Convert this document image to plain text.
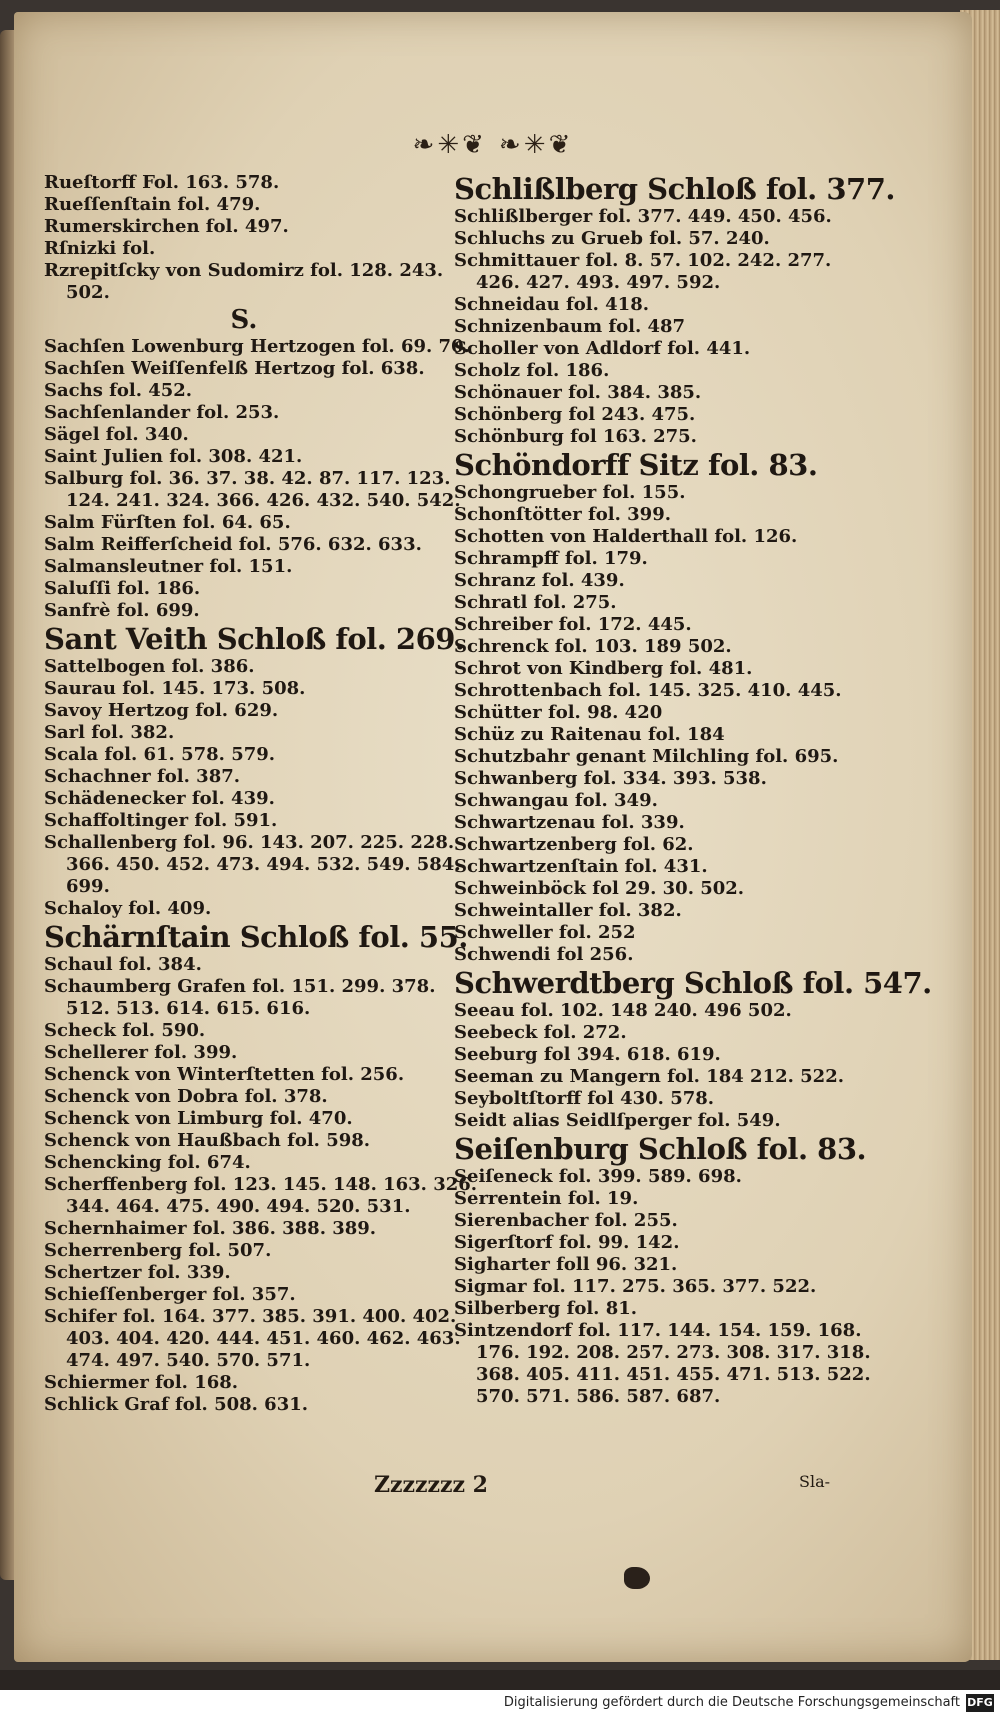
❧✳❦ ❧✳❦
Rueſtorff Fol. 163. 578.
Rueſſenſtain fol. 479.
Rumerskirchen fol. 497.
Rſnizki fol.
Rzrepitſcky von Sudomirz fol. 128. 243.
502.
S.
Sachſen Lowenburg Hertzogen fol. 69. 70.
Sachſen Weiſſenfelß Hertzog fol. 638.
Sachs fol. 452.
Sachſenlander fol. 253.
Sägel fol. 340.
Saint Julien fol. 308. 421.
Salburg fol. 36. 37. 38. 42. 87. 117. 123.
124. 241. 324. 366. 426. 432. 540. 542.
Salm Fürſten fol. 64. 65.
Salm Reifferſcheid fol. 576. 632. 633.
Salmansleutner fol. 151.
Saluſſi fol. 186.
Sanfrè fol. 699.
Sant Veith Schloß fol. 269.
Sattelbogen fol. 386.
Saurau fol. 145. 173. 508.
Savoy Hertzog fol. 629.
Sarl fol. 382.
Scala fol. 61. 578. 579.
Schachner fol. 387.
Schädenecker fol. 439.
Schaffoltinger fol. 591.
Schallenberg fol. 96. 143. 207. 225. 228.
366. 450. 452. 473. 494. 532. 549. 584.
699.
Schaloy fol. 409.
Schärnſtain Schloß fol. 55.
Schaul fol. 384.
Schaumberg Grafen fol. 151. 299. 378.
512. 513. 614. 615. 616.
Scheck fol. 590.
Schellerer fol. 399.
Schenck von Winterſtetten fol. 256.
Schenck von Dobra fol. 378.
Schenck von Limburg fol. 470.
Schenck von Haußbach fol. 598.
Schencking fol. 674.
Scherffenberg fol. 123. 145. 148. 163. 326.
344. 464. 475. 490. 494. 520. 531.
Schernhaimer fol. 386. 388. 389.
Scherrenberg fol. 507.
Schertzer fol. 339.
Schieſſenberger fol. 357.
Schifer fol. 164. 377. 385. 391. 400. 402.
403. 404. 420. 444. 451. 460. 462. 463.
474. 497. 540. 570. 571.
Schiermer fol. 168.
Schlick Graf fol. 508. 631.
Schlißlberg Schloß fol. 377.
Schlißlberger fol. 377. 449. 450. 456.
Schluchs zu Grueb fol. 57. 240.
Schmittauer fol. 8. 57. 102. 242. 277.
426. 427. 493. 497. 592.
Schneidau fol. 418.
Schnizenbaum fol. 487
Scholler von Adldorf fol. 441.
Scholz fol. 186.
Schönauer fol. 384. 385.
Schönberg fol 243. 475.
Schönburg fol 163. 275.
Schöndorff Sitz fol. 83.
Schongrueber fol. 155.
Schonſtötter fol. 399.
Schotten von Halderthall fol. 126.
Schrampff fol. 179.
Schranz fol. 439.
Schratl fol. 275.
Schreiber fol. 172. 445.
Schrenck fol. 103. 189 502.
Schrot von Kindberg fol. 481.
Schrottenbach fol. 145. 325. 410. 445.
Schütter fol. 98. 420
Schüz zu Raitenau fol. 184
Schutzbahr genant Milchling fol. 695.
Schwanberg fol. 334. 393. 538.
Schwangau fol. 349.
Schwartzenau fol. 339.
Schwartzenberg fol. 62.
Schwartzenſtain fol. 431.
Schweinböck fol 29. 30. 502.
Schweintaller fol. 382.
Schweller fol. 252
Schwendi fol 256.
Schwerdtberg Schloß fol. 547.
Seeau fol. 102. 148 240. 496 502.
Seebeck fol. 272.
Seeburg fol 394. 618. 619.
Seeman zu Mangern fol. 184 212. 522.
Seyboltſtorff fol 430. 578.
Seidt alias Seidlſperger fol. 549.
Seiſenburg Schloß fol. 83.
Seiſeneck fol. 399. 589. 698.
Serrentein fol. 19.
Sierenbacher fol. 255.
Sigerſtorf fol. 99. 142.
Sigharter foll 96. 321.
Sigmar fol. 117. 275. 365. 377. 522.
Silberberg fol. 81.
Sintzendorf fol. 117. 144. 154. 159. 168.
176. 192. 208. 257. 273. 308. 317. 318.
368. 405. 411. 451. 455. 471. 513. 522.
570. 571. 586. 587. 687.
Zzzzzzz 2	Sla-
Digitalisierung gefördert durch die Deutsche Forschungsgemeinschaft DFG
